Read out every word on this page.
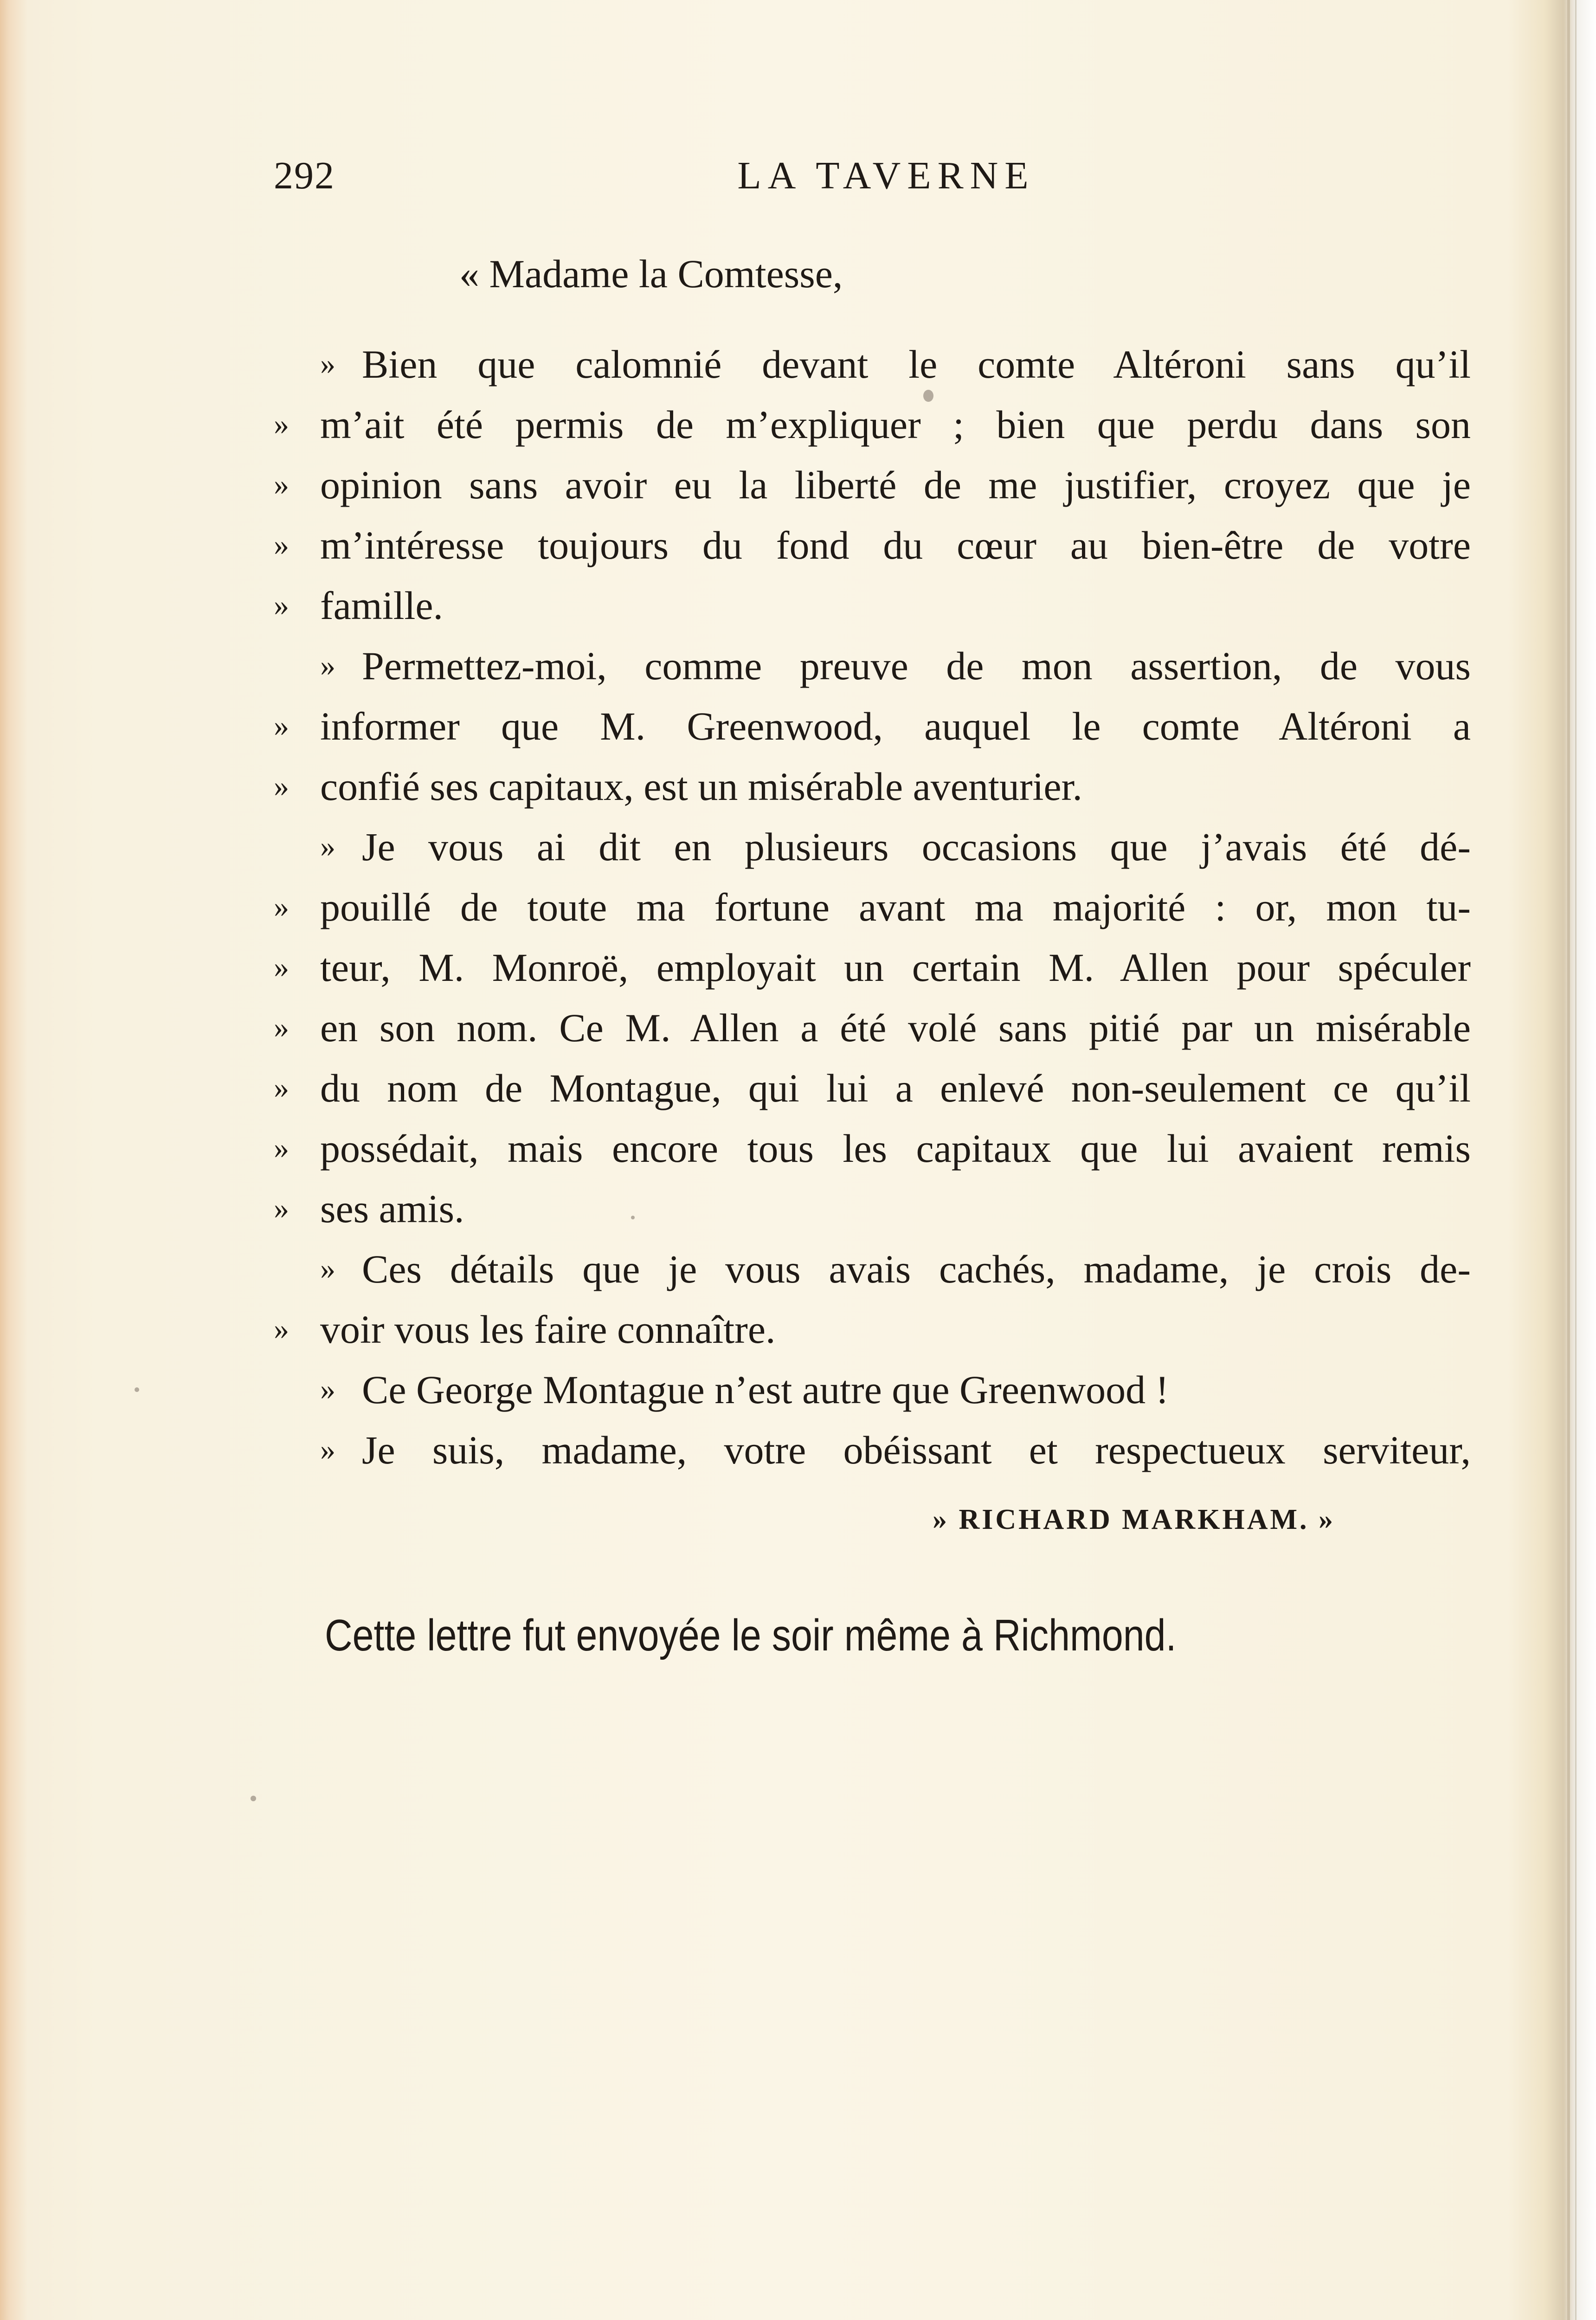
292	LA TAVERNE
« Madame la Comtesse,
» Bien que calomnié devant le comte Altéroni sans qu’il
» m’ait été permis de m’expliquer ; bien que perdu dans son
» opinion sans avoir eu la liberté de me justifier, croyez que je
» m’intéresse toujours du fond du cœur au bien-être de votre
» famille.
» Permettez-moi, comme preuve de mon assertion, de vous
» informer que M. Greenwood, auquel le comte Altéroni a
» confié ses capitaux, est un misérable aventurier.
» Je vous ai dit en plusieurs occasions que j’avais été dé-
» pouillé de toute ma fortune avant ma majorité : or, mon tu-
» teur, M. Monroë, employait un certain M. Allen pour spéculer
» en son nom. Ce M. Allen a été volé sans pitié par un misérable
» du nom de Montague, qui lui a enlevé non-seulement ce qu’il
» possédait, mais encore tous les capitaux que lui avaient remis
» ses amis.
» Ces détails que je vous avais cachés, madame, je crois de-
» voir vous les faire connaître.
» Ce George Montague n’est autre que Greenwood !
» Je suis, madame, votre obéissant et respectueux serviteur,
» RICHARD MARKHAM. »
Cette lettre fut envoyée le soir même à Richmond.
